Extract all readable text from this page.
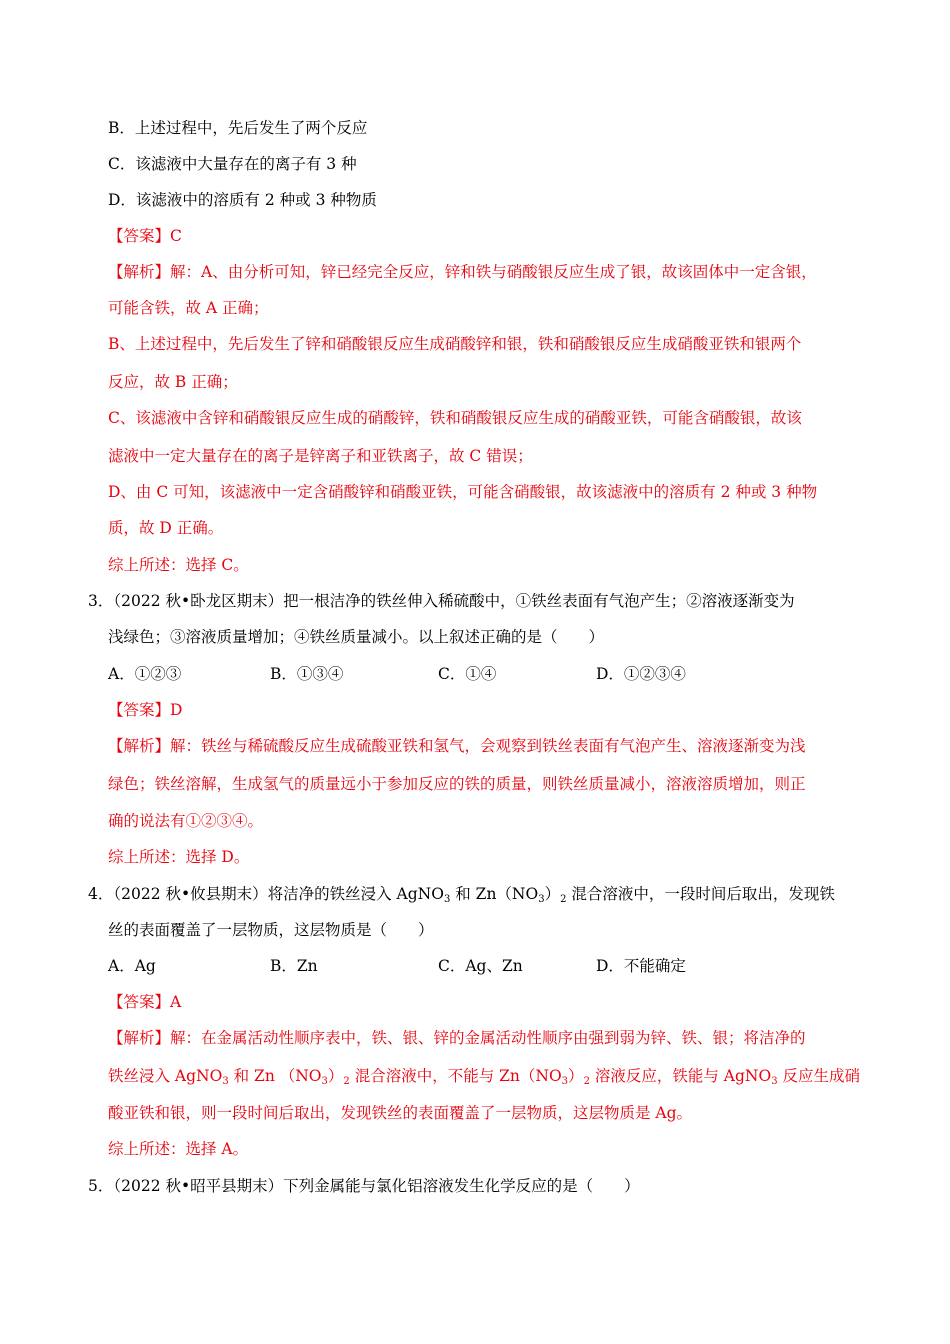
B．上述过程中，先后发生了两个反应
C．该滤液中大量存在的离子有 3 种
D．该滤液中的溶质有 2 种或 3 种物质
【答案】C
【解析】解：A、由分析可知，锌已经完全反应，锌和铁与硝酸银反应生成了银，故该固体中一定含银，
可能含铁，故 A 正确；
B、上述过程中，先后发生了锌和硝酸银反应生成硝酸锌和银，铁和硝酸银反应生成硝酸亚铁和银两个
反应，故 B 正确；
C、该滤液中含锌和硝酸银反应生成的硝酸锌，铁和硝酸银反应生成的硝酸亚铁，可能含硝酸银，故该
滤液中一定大量存在的离子是锌离子和亚铁离子，故 C 错误；
D、由 C 可知，该滤液中一定含硝酸锌和硝酸亚铁，可能含硝酸银，故该滤液中的溶质有 2 种或 3 种物
质，故 D 正确。
综上所述：选择 C。
3．（2022 秋•卧龙区期末）把一根洁净的铁丝伸入稀硫酸中，①铁丝表面有气泡产生；②溶液逐渐变为
浅绿色；③溶液质量增加；④铁丝质量减小。以上叙述正确的是（　　）
A．①②③	B．①③④	C．①④	D．①②③④
【答案】D
【解析】解：铁丝与稀硫酸反应生成硫酸亚铁和氢气，会观察到铁丝表面有气泡产生、溶液逐渐变为浅
绿色；铁丝溶解，生成氢气的质量远小于参加反应的铁的质量，则铁丝质量减小，溶液溶质增加，则正
确的说法有①②③④。
综上所述：选择 D。
4．（2022 秋•攸县期末）将洁净的铁丝浸入 AgNO$_3$ 和 $Zn(NO_3)_2$ 混合溶液中，一段时间后取出，发现铁
丝的表面覆盖了一层物质，这层物质是（　　）
A．Ag	B．Zn	C．Ag、Zn	D．不能确定
【答案】A
【解析】解：在金属活动性顺序表中，铁、银、锌的金属活动性顺序由强到弱为锌、铁、银；将洁净的
铁丝浸入 AgNO$_3$ 和 Zn $(NO_3)_2$ 混合溶液中，不能与 $Zn(NO_3)_2$ 溶液反应，铁能与 AgNO$_3$ 反应生成硝
酸亚铁和银，则一段时间后取出，发现铁丝的表面覆盖了一层物质，这层物质是 Ag。
综上所述：选择 A。
5．（2022 秋•昭平县期末）下列金属能与氯化铝溶液发生化学反应的是（　　）
